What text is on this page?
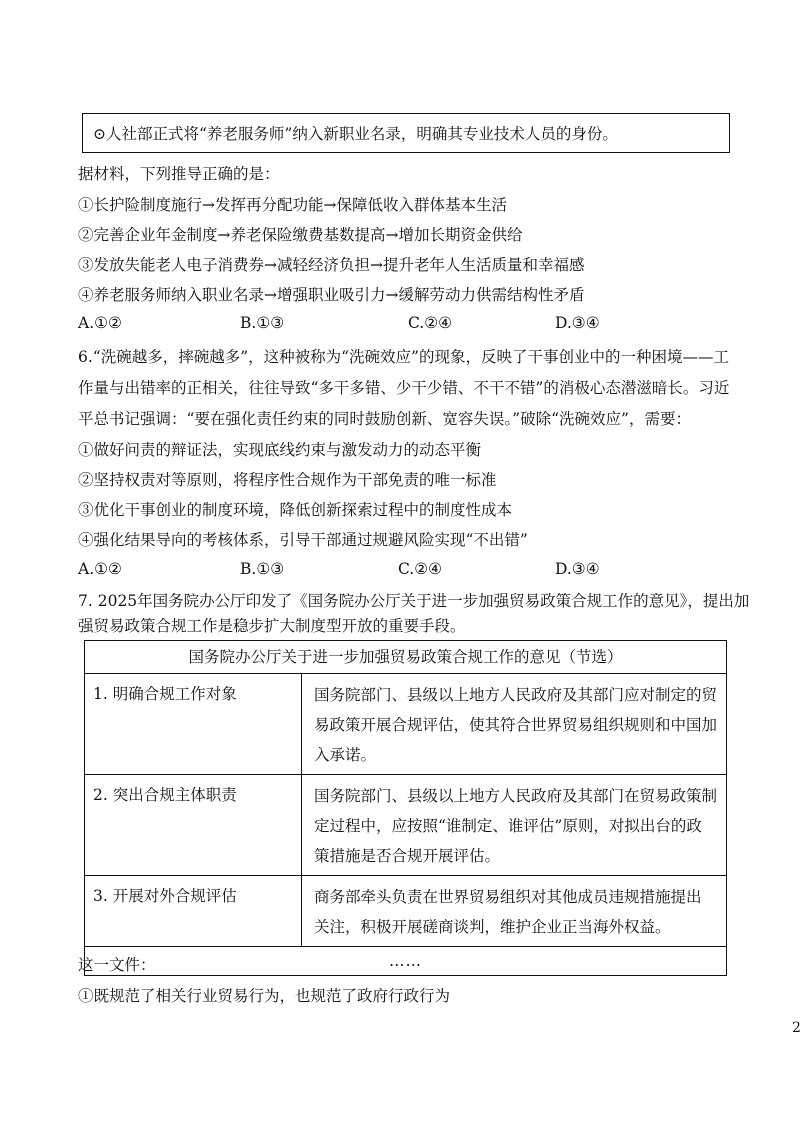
⊙人社部正式将“养老服务师”纳入新职业名录，明确其专业技术人员的身份。
据材料，下列推导正确的是：
①长护险制度施行→发挥再分配功能→保障低收入群体基本生活
②完善企业年金制度→养老保险缴费基数提高→增加长期资金供给
③发放失能老人电子消费券→减轻经济负担→提升老年人生活质量和幸福感
④养老服务师纳入职业名录→增强职业吸引力→缓解劳动力供需结构性矛盾
A.①②	B.①③	C.②④	D.③④
6.“洗碗越多，摔碗越多”，这种被称为“洗碗效应”的现象，反映了干事创业中的一种困境——工
作量与出错率的正相关，往往导致“多干多错、少干少错、不干不错”的消极心态潜滋暗长。习近
平总书记强调：“要在强化责任约束的同时鼓励创新、宽容失误。”破除“洗碗效应”，需要：
①做好问责的辩证法，实现底线约束与激发动力的动态平衡
②坚持权责对等原则，将程序性合规作为干部免责的唯一标准
③优化干事创业的制度环境，降低创新探索过程中的制度性成本
④强化结果导向的考核体系，引导干部通过规避风险实现“不出错”
A.①②	B.①③	C.②④	D.③④
7. 2025年国务院办公厅印发了《国务院办公厅关于进一步加强贸易政策合规工作的意见》，提出加
强贸易政策合规工作是稳步扩大制度型开放的重要手段。
国务院办公厅关于进一步加强贸易政策合规工作的意见（节选）	
1. 明确合规工作对象	国务院部门、县级以上地方人民政府及其部门应对制定的贸
易政策开展合规评估，使其符合世界贸易组织规则和中国加
入承诺。

2. 突出合规主体职责	国务院部门、县级以上地方人民政府及其部门在贸易政策制
定过程中，应按照“谁制定、谁评估”原则，对拟出台的政
策措施是否合规开展评估。

3. 开展对外合规评估	商务部牵头负责在世界贸易组织对其他成员违规措施提出
关注，积极开展磋商谈判，维护企业正当海外权益。

……	
这一文件：
①既规范了相关行业贸易行为，也规范了政府行政行为
2
